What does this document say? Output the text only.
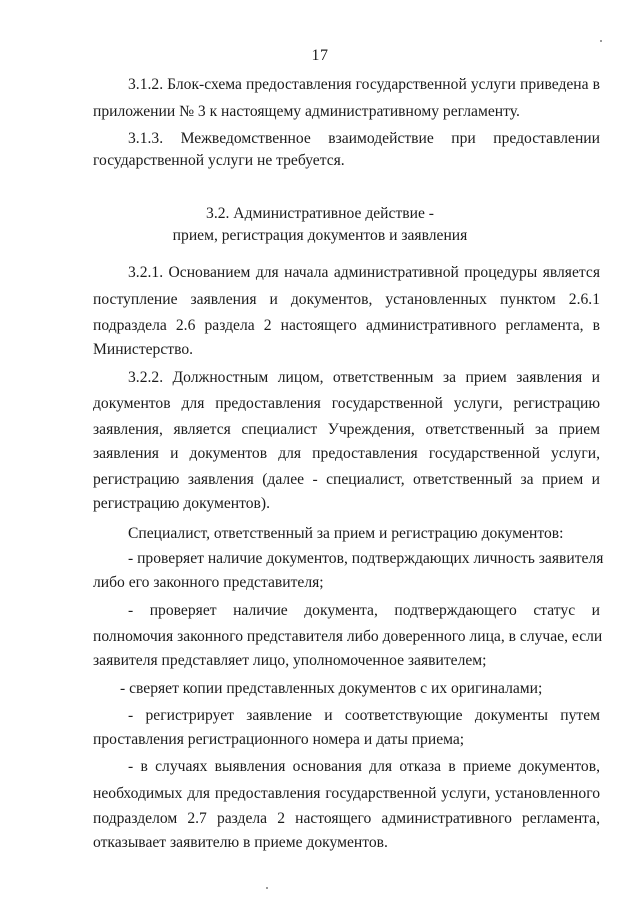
17
3.1.2. Блок-схема предоставления государственной услуги приведена в
приложении № 3 к настоящему административному регламенту.
3.1.3. Межведомственное взаимодействие при предоставлении
государственной услуги не требуется.
3.2. Административное действие -
прием, регистрация документов и заявления
3.2.1. Основанием для начала административной процедуры является
поступление заявления и документов, установленных пунктом 2.6.1
подраздела 2.6 раздела 2 настоящего административного регламента, в
Министерство.
3.2.2. Должностным лицом, ответственным за прием заявления и
документов для предоставления государственной услуги, регистрацию
заявления, является специалист Учреждения, ответственный за прием
заявления и документов для предоставления государственной услуги,
регистрацию заявления (далее - специалист, ответственный за прием и
регистрацию документов).
Специалист, ответственный за прием и регистрацию документов:
- проверяет наличие документов, подтверждающих личность заявителя
либо его законного представителя;
- проверяет наличие документа, подтверждающего статус и
полномочия законного представителя либо доверенного лица, в случае, если
заявителя представляет лицо, уполномоченное заявителем;
- сверяет копии представленных документов с их оригиналами;
- регистрирует заявление и соответствующие документы путем
проставления регистрационного номера и даты приема;
- в случаях выявления основания для отказа в приеме документов,
необходимых для предоставления государственной услуги, установленного
подразделом 2.7 раздела 2 настоящего административного регламента,
отказывает заявителю в приеме документов.
